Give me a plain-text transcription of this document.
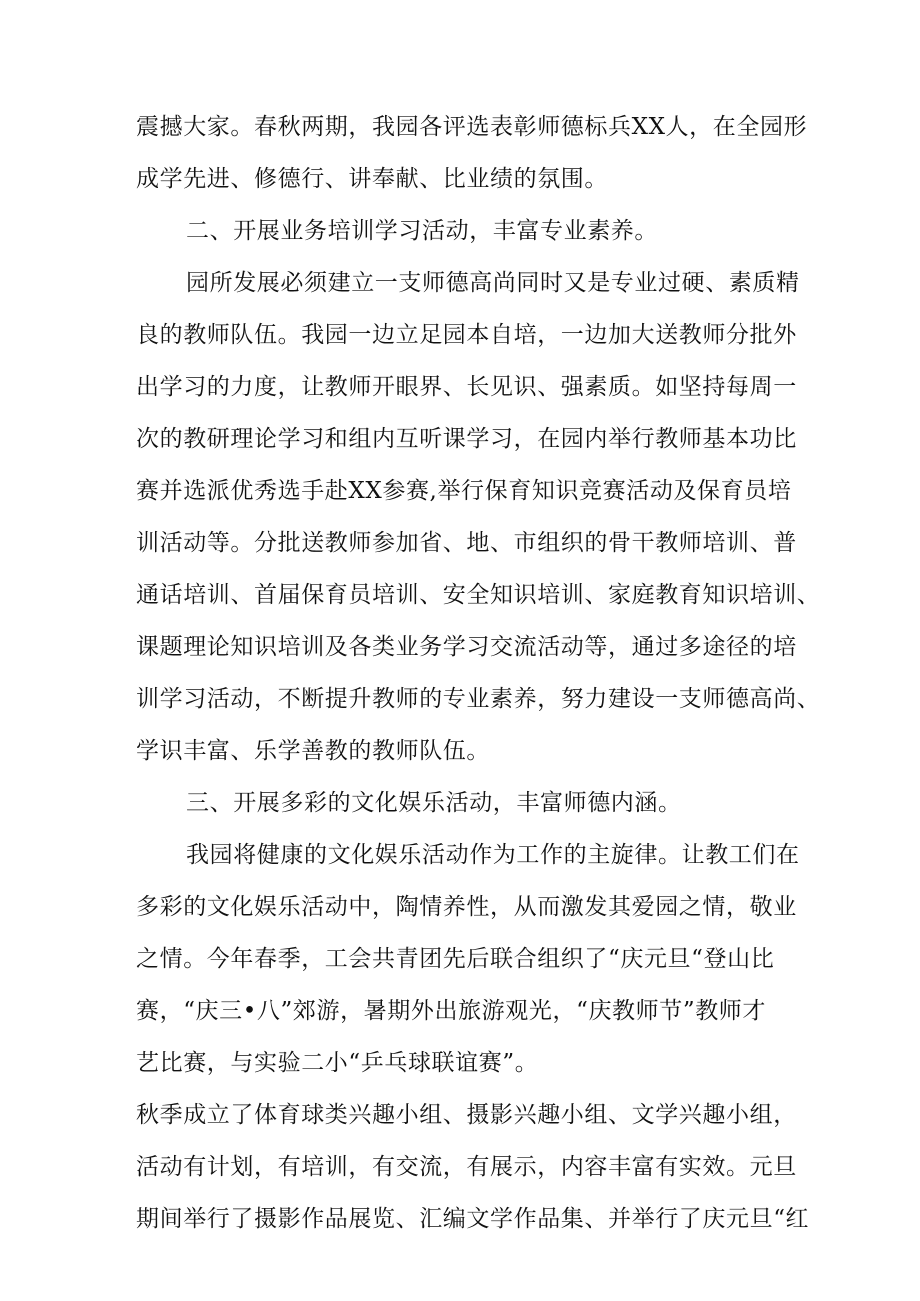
震撼大家。春秋两期，我园各评选表彰师德标兵XX人，在全园形
成学先进、修德行、讲奉献、比业绩的氛围。
二、开展业务培训学习活动，丰富专业素养。
园所发展必须建立一支师德高尚同时又是专业过硬、素质精
良的教师队伍。我园一边立足园本自培，一边加大送教师分批外
出学习的力度，让教师开眼界、长见识、强素质。如坚持每周一
次的教研理论学习和组内互听课学习，在园内举行教师基本功比
赛并选派优秀选手赴XX参赛,举行保育知识竞赛活动及保育员培
训活动等。分批送教师参加省、地、市组织的骨干教师培训、普
通话培训、首届保育员培训、安全知识培训、家庭教育知识培训、
课题理论知识培训及各类业务学习交流活动等，通过多途径的培
训学习活动，不断提升教师的专业素养，努力建设一支师德高尚、
学识丰富、乐学善教的教师队伍。
三、开展多彩的文化娱乐活动，丰富师德内涵。
我园将健康的文化娱乐活动作为工作的主旋律。让教工们在
多彩的文化娱乐活动中，陶情养性，从而激发其爱园之情，敬业
之情。今年春季，工会共青团先后联合组织了“庆元旦“登山比
赛，“庆三•八”郊游，暑期外出旅游观光，“庆教师节”教师才
艺比赛，与实验二小“乒乓球联谊赛”。
秋季成立了体育球类兴趣小组、摄影兴趣小组、文学兴趣小组，
活动有计划，有培训，有交流，有展示，内容丰富有实效。元旦
期间举行了摄影作品展览、汇编文学作品集、并举行了庆元旦“红
